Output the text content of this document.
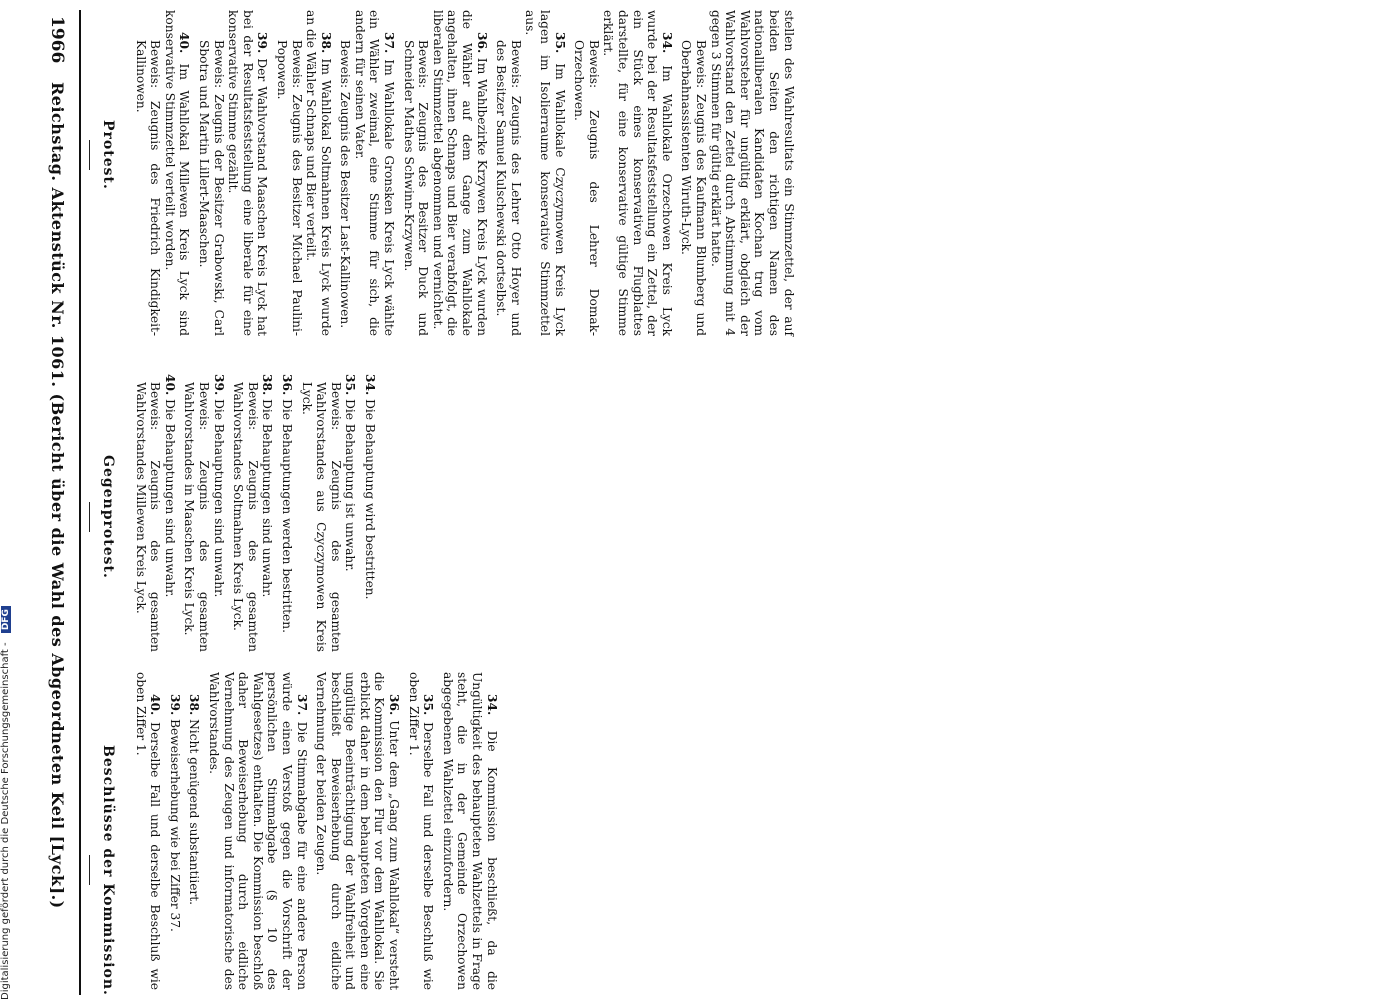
1966
Reichstag. Aktenstück Nr. 1061. (Bericht über die Wahl des Abgeordneten Keil [Lyck].)	Protest.
Gegenprotest.
Beschlüsse der Kommission.

stellen des Wahlresultats ein Stimmzettel, der auf beiden Seiten den richtigen Namen des nationalliberalen Kandidaten Kochan trug vom Wahlvorsteher für ungültig erklärt, obgleich der Wahlvorstand den Zettel durch Abstimmung mit 4 gegen 3 Stimmen für gültig erklärt hatte.
Beweis: Zeugnis des Kaufmann Blumberg und Oberbahnassistenten Wiruth-Lyck.

34. Im Wahllokale Orzechowen Kreis Lyck wurde bei der Resultatsfeststellung ein Zettel, der ein Stück eines konservativen Flugblattes darstellte, für eine konservative gültige Stimme erklärt.
Beweis: Zeugnis des Lehrer Domak-Orzechowen.

35. Im Wahllokale Czyczymowen Kreis Lyck lagen im Isolierraume konservative Stimmzettel aus.
Beweis: Zeugnis des Lehrer Otto Hoyer und des Besitzer Samuel Kulschewski dortselbst.

36. Im Wahlbezirke Krzywen Kreis Lyck wurden die Wähler auf dem Gange zum Wahllokale angehalten, ihnen Schnaps und Bier verabfolgt, die liberalen Stimmzettel abgenommen und vernichtet.
Beweis: Zeugnis des Besitzer Duck und Schneider Mathes Schwinn-Krzywen.

37. Im Wahllokale Gronsken Kreis Lyck wählte ein Wähler zweimal, eine Stimme für sich, die andern für seinen Vater.
Beweis: Zeugnis des Besitzer Last-Kallinowen.

38. Im Wahllokal Soltmahnen Kreis Lyck wurde an die Wähler Schnaps und Bier verteilt.
Beweis: Zeugnis des Besitzer Michael Paulini-Popowen.

39. Der Wahlvorstand Maaschen Kreis Lyck hat bei der Resultatsfeststellung eine liberale für eine konservative Stimme gezählt.
Beweis: Zeugnis der Besitzer Grabowski, Carl Sbotra und Martin Lillert-Maaschen.

40. Im Wahllokal Millewen Kreis Lyck sind konservative Stimmzettel verteilt worden.
Beweis: Zeugnis des Friedrich Kindigkeit-Kallinowen.

34. Die Behauptung wird bestritten.

35. Die Behauptung ist unwahr.
Beweis: Zeugnis des gesamten Wahlvorstandes aus Czyczymowen Kreis Lyck.

36. Die Behauptungen werden bestritten.

38. Die Behauptungen sind unwahr.
Beweis: Zeugnis des gesamten Wahlvorstandes Soltmahnen Kreis Lyck.

39. Die Behauptungen sind unwahr.
Beweis: Zeugnis des gesamten Wahlvorstandes in Maaschen Kreis Lyck.

40. Die Behauptungen sind unwahr.
Beweis: Zeugnis des gesamten Wahlvorstandes Millewen Kreis Lyck.

34. Die Kommission beschließt, da die Ungültigkeit des behaupteten Wahlzettels in Frage steht, die in der Gemeinde Orzechowen abgegebenen Wahlzettel einzufordern.

35. Derselbe Fall und derselbe Beschluß wie oben Ziffer 1.

36. Unter dem „Gang zum Wahllokal“ versteht die Kommission den Flur vor dem Wahllokal. Sie erblickt daher in dem behaupteten Vorgehen eine ungültige Beeinträchtigung der Wahlfreiheit und beschließt Beweiserhebung durch eidliche Vernehmung der beiden Zeugen.

37. Die Stimmabgabe für eine andere Person würde einen Verstoß gegen die Vorschrift der persönlichen Stimmabgabe (§ 10 des Wahlgesetzes) enthalten. Die Kommission beschloß daher Beweiserhebung durch eidliche Vernehmung des Zeugen und informatorische des Wahlvorstandes.

38. Nicht genügend substantiiert.

39. Beweiserhebung wie bei Ziffer 37.

40. Derselbe Fall und derselbe Beschluß wie oben Ziffer 1.

Digitalisierung gefördert durch die Deutsche Forschungsgemeinschaft - DFG
